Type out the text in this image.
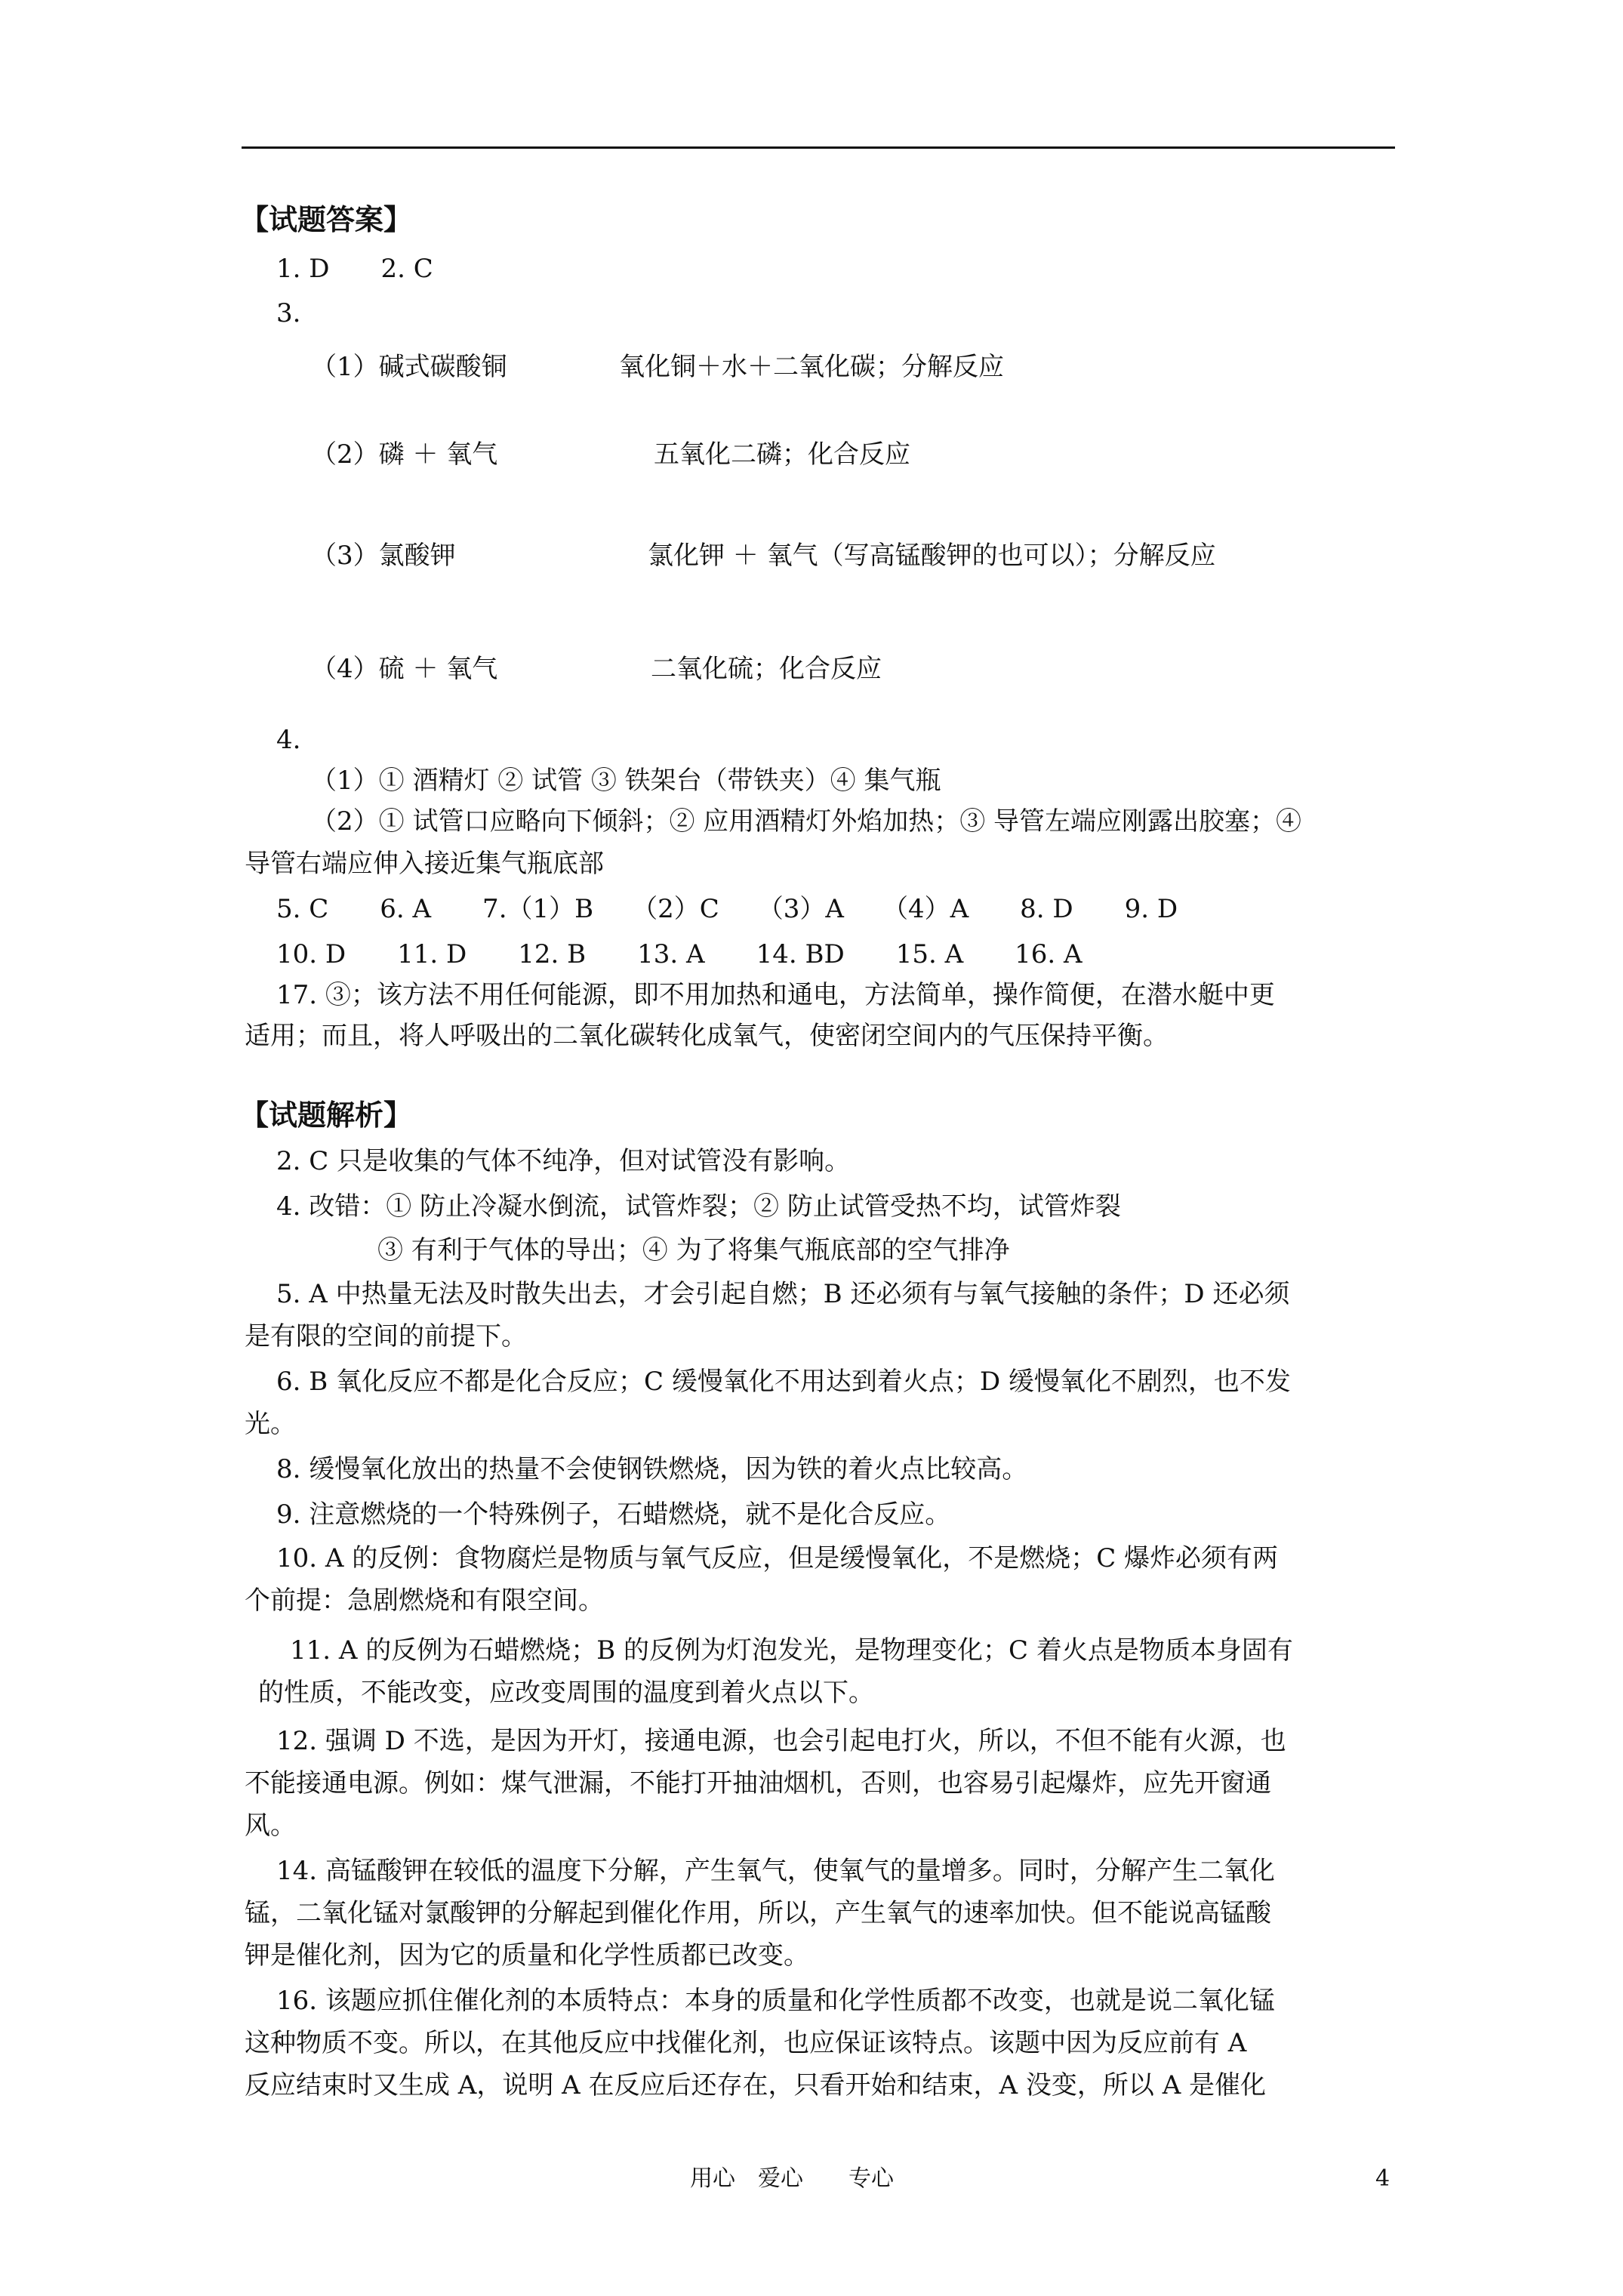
【试题答案】
1. D　　2. C
3.
（1）碱式碳酸铜	氧化铜＋水＋二氧化碳；分解反应
（2）磷 ＋ 氧气	五氧化二磷；化合反应
（3）氯酸钾	氯化钾 ＋ 氧气（写高锰酸钾的也可以）；分解反应
（4）硫 ＋ 氧气	二氧化硫；化合反应
4.
（1）① 酒精灯 ② 试管 ③ 铁架台（带铁夹）④ 集气瓶
（2）① 试管口应略向下倾斜；② 应用酒精灯外焰加热；③ 导管左端应刚露出胶塞；④
导管右端应伸入接近集气瓶底部
5. C　　6. A　　7.（1）B　　（2）C　　（3）A　　（4）A　　8. D　　9. D
10. D　　11. D　　12. B　　13. A　　14. BD　　15. A　　16. A
17. ③；该方法不用任何能源，即不用加热和通电，方法简单，操作简便，在潜水艇中更
适用；而且，将人呼吸出的二氧化碳转化成氧气，使密闭空间内的气压保持平衡。
【试题解析】
2. C 只是收集的气体不纯净，但对试管没有影响。
4. 改错：① 防止冷凝水倒流，试管炸裂；② 防止试管受热不均，试管炸裂
③ 有利于气体的导出；④ 为了将集气瓶底部的空气排净
5. A 中热量无法及时散失出去，才会引起自燃；B 还必须有与氧气接触的条件；D 还必须
是有限的空间的前提下。
6. B 氧化反应不都是化合反应；C 缓慢氧化不用达到着火点；D 缓慢氧化不剧烈，也不发
光。
8. 缓慢氧化放出的热量不会使钢铁燃烧，因为铁的着火点比较高。
9. 注意燃烧的一个特殊例子，石蜡燃烧，就不是化合反应。
10. A 的反例：食物腐烂是物质与氧气反应，但是缓慢氧化，不是燃烧；C 爆炸必须有两
个前提：急剧燃烧和有限空间。
11. A 的反例为石蜡燃烧；B 的反例为灯泡发光，是物理变化；C 着火点是物质本身固有
的性质，不能改变，应改变周围的温度到着火点以下。
12. 强调 D 不选，是因为开灯，接通电源，也会引起电打火，所以，不但不能有火源，也
不能接通电源。例如：煤气泄漏，不能打开抽油烟机，否则，也容易引起爆炸，应先开窗通
风。
14. 高锰酸钾在较低的温度下分解，产生氧气，使氧气的量增多。同时，分解产生二氧化
锰，二氧化锰对氯酸钾的分解起到催化作用，所以，产生氧气的速率加快。但不能说高锰酸
钾是催化剂，因为它的质量和化学性质都已改变。
16. 该题应抓住催化剂的本质特点：本身的质量和化学性质都不改变，也就是说二氧化锰
这种物质不变。所以，在其他反应中找催化剂，也应保证该特点。该题中因为反应前有 A
反应结束时又生成 A，说明 A 在反应后还存在，只看开始和结束，A 没变，所以 A 是催化
用心　爱心　　专心	4
